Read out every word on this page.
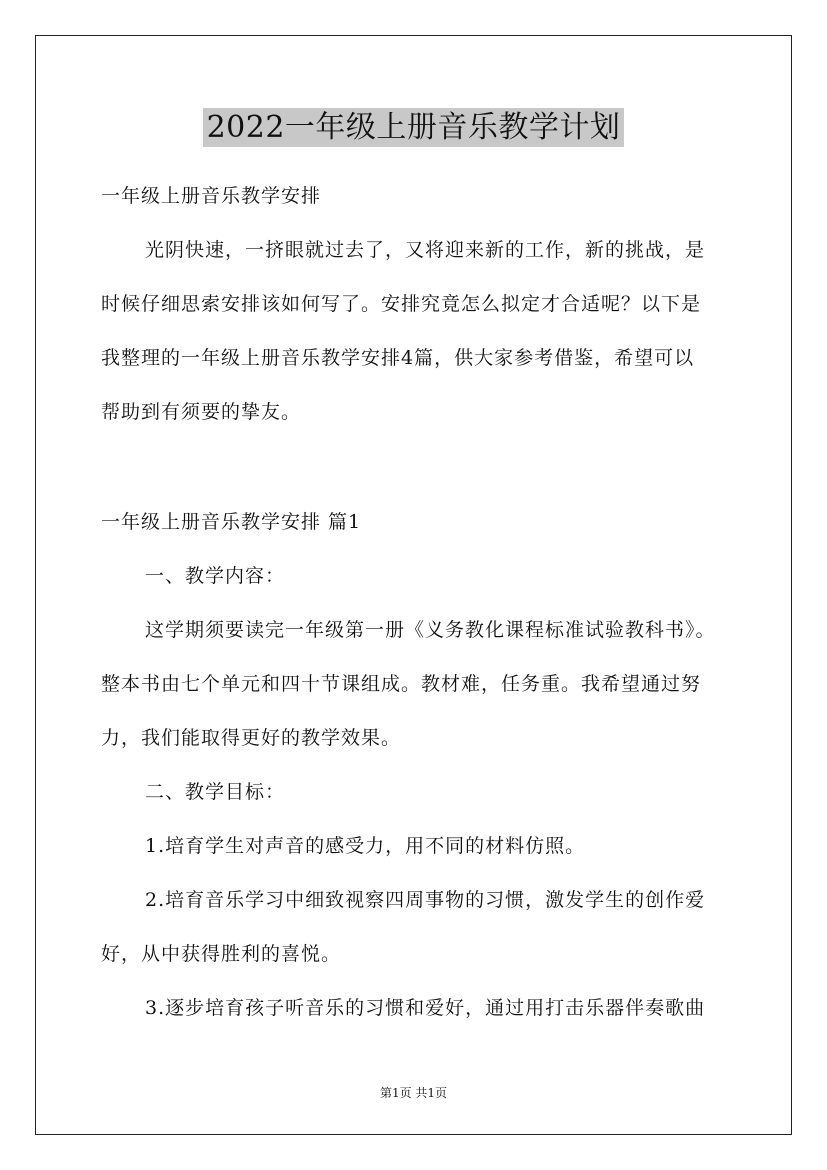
2022一年级上册音乐教学计划
一年级上册音乐教学安排
光阴快速，一挤眼就过去了，又将迎来新的工作，新的挑战，是
时候仔细思索安排该如何写了。安排究竟怎么拟定才合适呢？以下是
我整理的一年级上册音乐教学安排4篇，供大家参考借鉴，希望可以
帮助到有须要的挚友。
一年级上册音乐教学安排 篇1
一、教学内容：
这学期须要读完一年级第一册《义务教化课程标准试验教科书》。
整本书由七个单元和四十节课组成。教材难，任务重。我希望通过努
力，我们能取得更好的教学效果。
二、教学目标：
1.培育学生对声音的感受力，用不同的材料仿照。
2.培育音乐学习中细致视察四周事物的习惯，激发学生的创作爱
好，从中获得胜利的喜悦。
3.逐步培育孩子听音乐的习惯和爱好，通过用打击乐器伴奏歌曲
第1页 共1页
